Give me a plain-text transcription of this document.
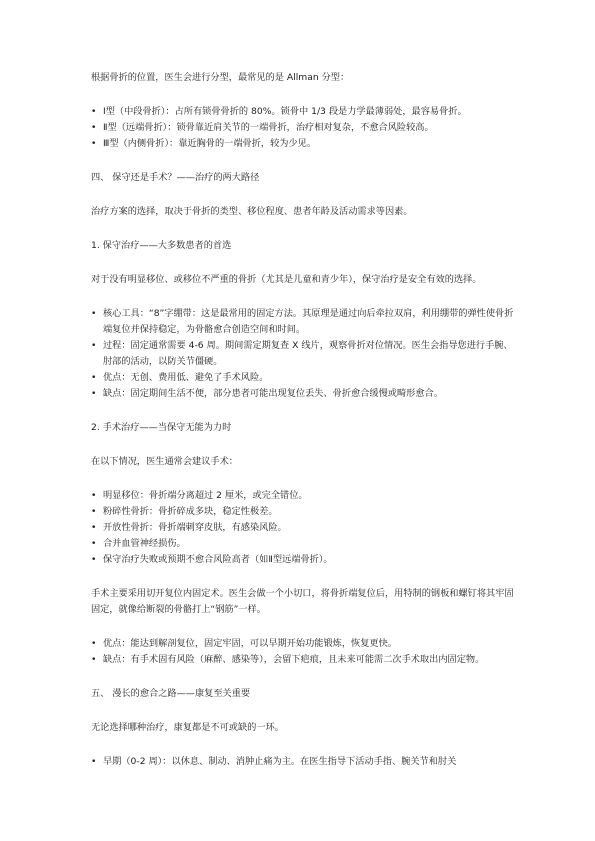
根据骨折的位置，医生会进行分型，最常见的是 Allman 分型：

• Ⅰ型（中段骨折）：占所有锁骨骨折的 80%。锁骨中 1/3 段是力学最薄弱处，最容易骨折。
• Ⅱ型（远端骨折）：锁骨靠近肩关节的一端骨折，治疗相对复杂，不愈合风险较高。
• Ⅲ型（内侧骨折）：靠近胸骨的一端骨折，较为少见。

四、 保守还是手术？——治疗的两大路径

治疗方案的选择，取决于骨折的类型、移位程度、患者年龄及活动需求等因素。

1. 保守治疗——大多数患者的首选

对于没有明显移位、或移位不严重的骨折（尤其是儿童和青少年），保守治疗是安全有效的选择。

• 核心工具：“8”字绷带：这是最常用的固定方法。其原理是通过向后牵拉双肩，利用绷带的弹性使骨折端复位并保持稳定，为骨骼愈合创造空间和时间。
• 过程：固定通常需要 4-6 周。期间需定期复查 X 线片，观察骨折对位情况。医生会指导您进行手腕、肘部的活动，以防关节僵硬。
• 优点：无创、费用低、避免了手术风险。
• 缺点：固定期间生活不便，部分患者可能出现复位丢失、骨折愈合缓慢或畸形愈合。

2. 手术治疗——当保守无能为力时

在以下情况，医生通常会建议手术：

• 明显移位：骨折端分离超过 2 厘米，或完全错位。
• 粉碎性骨折：骨折碎成多块，稳定性极差。
• 开放性骨折：骨折端刺穿皮肤，有感染风险。
• 合并血管神经损伤。
• 保守治疗失败或预期不愈合风险高者（如Ⅱ型远端骨折）。

手术主要采用切开复位内固定术。医生会做一个小切口，将骨折端复位后，用特制的钢板和螺钉将其牢固固定，就像给断裂的骨骼打上“钢筋”一样。

• 优点：能达到解剖复位，固定牢固，可以早期开始功能锻炼，恢复更快。
• 缺点：有手术固有风险（麻醉、感染等），会留下疤痕，且未来可能需二次手术取出内固定物。

五、 漫长的愈合之路——康复至关重要

无论选择哪种治疗，康复都是不可或缺的一环。

• 早期（0-2 周）：以休息、制动、消肿止痛为主。在医生指导下活动手指、腕关节和肘关
